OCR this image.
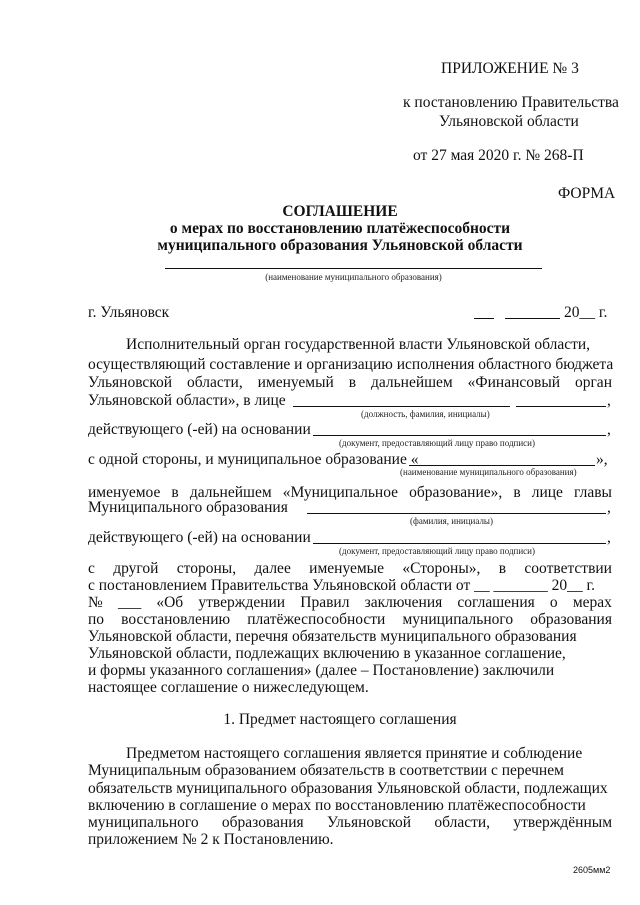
ПРИЛОЖЕНИЕ № 3
к постановлению Правительства
Ульяновской области
от 27 мая 2020 г. № 268-П
ФОРМА
СОГЛАШЕНИЕ
о мерах по восстановлению платёжеспособности
муниципального образования Ульяновской области
(наименование муниципального образования)
г. Ульяновск	20__ г.
Исполнительный орган государственной власти Ульяновской области,
осуществляющий составление и организацию исполнения областного бюджета
Ульяновской области, именуемый в дальнейшем «Финансовый орган
Ульяновской области», в лице	,
(должность, фамилия, инициалы)
действующего (-ей) на основании	,
(документ, предоставляющий лицу право подписи)
с одной стороны, и муниципальное образование «	»,
(наименование муниципального образования)
именуемое в дальнейшем «Муниципальное образование», в лице главы
Муниципального образования	,
(фамилия, инициалы)
действующего (-ей) на основании	,
(документ, предоставляющий лицу право подписи)
с другой стороны, далее именуемые «Стороны», в соответствии
с постановлением Правительства Ульяновской области от __ _______ 20__ г.
№ ___ «Об утверждении Правил заключения соглашения о мерах
по восстановлению платёжеспособности муниципального образования
Ульяновской области, перечня обязательств муниципального образования
Ульяновской области, подлежащих включению в указанное соглашение,
и формы указанного соглашения» (далее – Постановление) заключили
настоящее соглашение о нижеследующем.
1. Предмет настоящего соглашения
Предметом настоящего соглашения является принятие и соблюдение
Муниципальным образованием обязательств в соответствии с перечнем
обязательств муниципального образования Ульяновской области, подлежащих
включению в соглашение о мерах по восстановлению платёжеспособности
муниципального образования Ульяновской области, утверждённым
приложением № 2 к Постановлению.
2605мм2
